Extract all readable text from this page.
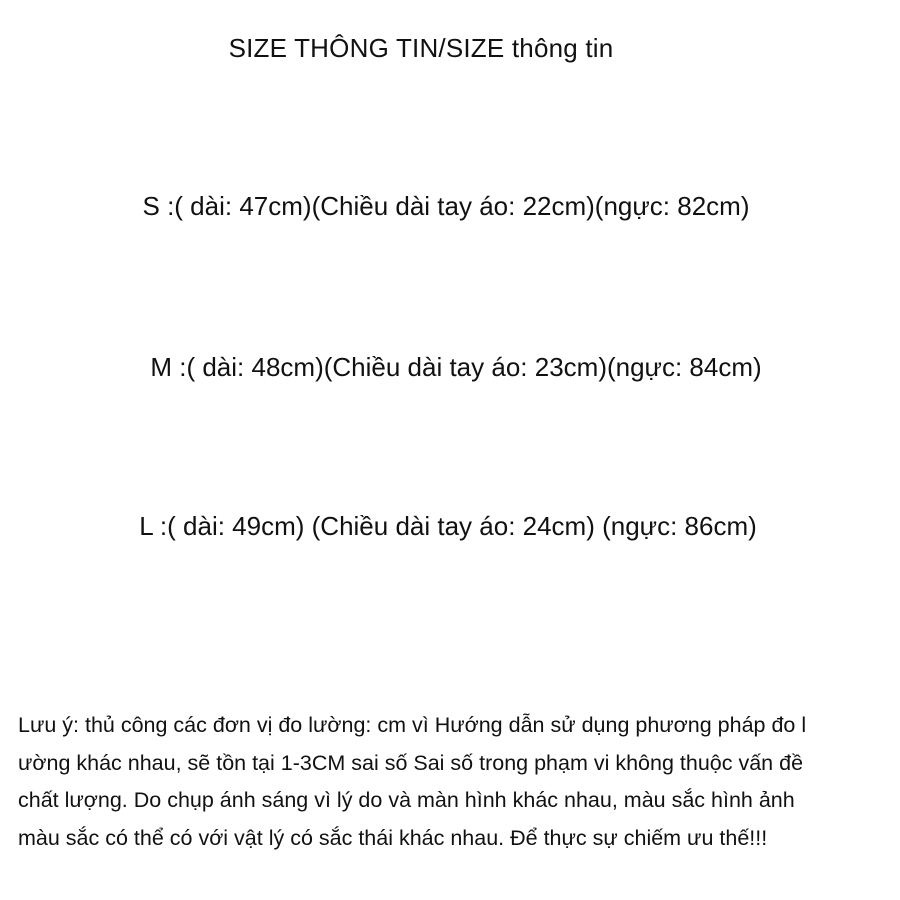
SIZE THÔNG TIN/SIZE thông tin
S :( dài: 47cm)(Chiều dài tay áo: 22cm)(ngực: 82cm)
M :( dài: 48cm)(Chiều dài tay áo: 23cm)(ngực: 84cm)
L :( dài: 49cm) (Chiều dài tay áo: 24cm) (ngực: 86cm)
Lưu ý: thủ công các đơn vị đo lường: cm vì Hướng dẫn sử dụng phương pháp đo l
ường khác nhau, sẽ tồn tại 1-3CM sai số Sai số trong phạm vi không thuộc vấn đề
chất lượng. Do chụp ánh sáng vì lý do và màn hình khác nhau, màu sắc hình ảnh
màu sắc có thể có với vật lý có sắc thái khác nhau. Để thực sự chiếm ưu thế!!!
